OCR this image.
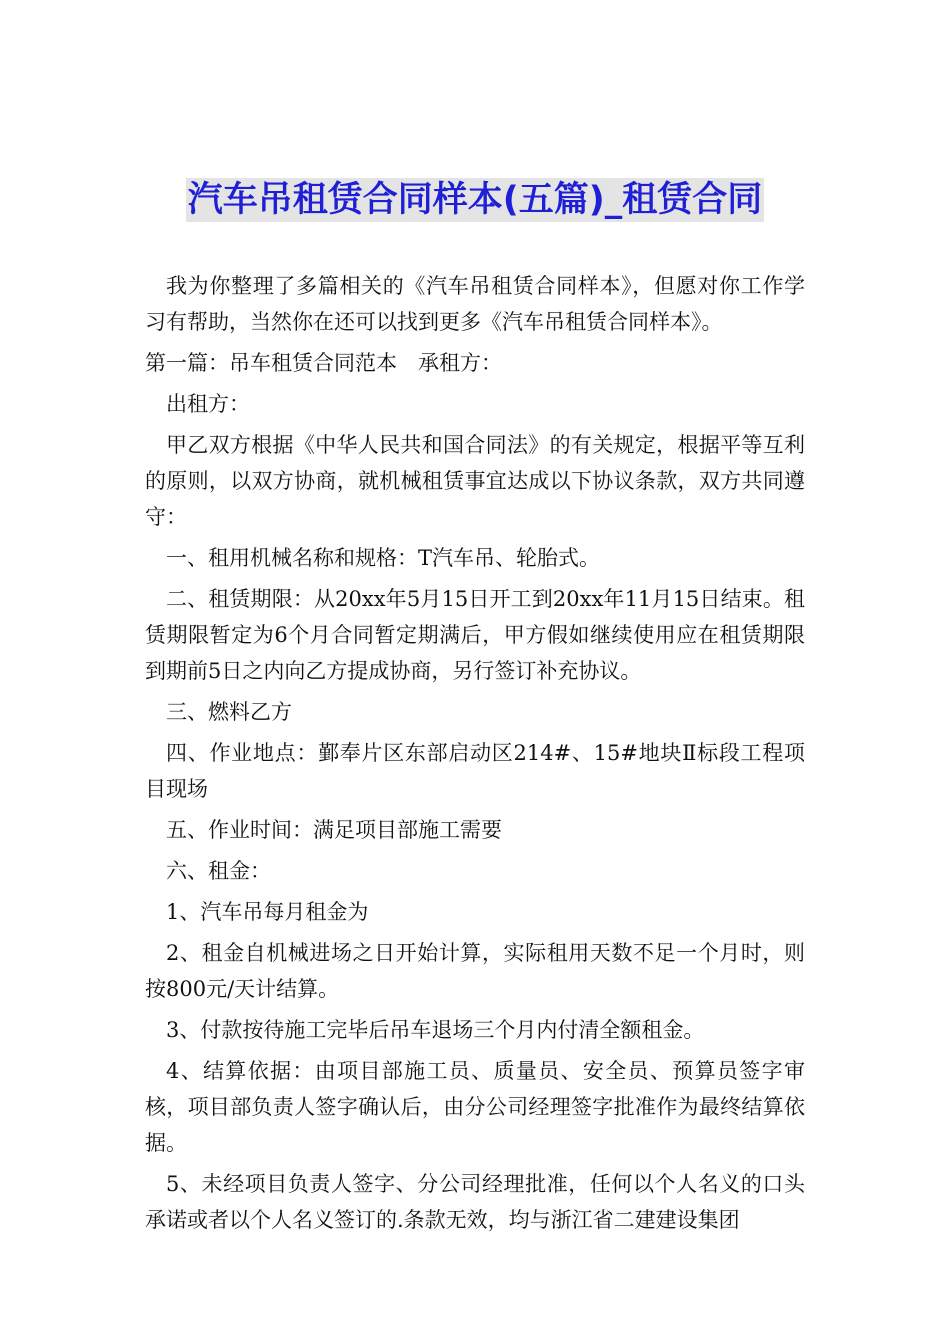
汽车吊租赁合同样本(五篇)_租赁合同

我为你整理了多篇相关的《汽车吊租赁合同样本》，但愿对你工作学习有帮助，当然你在还可以找到更多《汽车吊租赁合同样本》。

第一篇：吊车租赁合同范本　承租方：

出租方：

甲乙双方根据《中华人民共和国合同法》的有关规定，根据平等互利的原则，以双方协商，就机械租赁事宜达成以下协议条款，双方共同遵守：

一、租用机械名称和规格：T汽车吊、轮胎式。

二、租赁期限：从20xx年5月15日开工到20xx年11月15日结束。租赁期限暂定为6个月合同暂定期满后，甲方假如继续使用应在租赁期限到期前5日之内向乙方提成协商，另行签订补充协议。

三、燃料乙方

四、作业地点：鄞奉片区东部启动区214#、15#地块Ⅱ标段工程项目现场

五、作业时间：满足项目部施工需要

六、租金：

1、汽车吊每月租金为

2、租金自机械进场之日开始计算，实际租用天数不足一个月时，则按800元/天计结算。

3、付款按待施工完毕后吊车退场三个月内付清全额租金。

4、结算依据：由项目部施工员、质量员、安全员、预算员签字审核，项目部负责人签字确认后，由分公司经理签字批准作为最终结算依据。

5、未经项目负责人签字、分公司经理批准，任何以个人名义的口头承诺或者以个人名义签订的.条款无效，均与浙江省二建建设集团
